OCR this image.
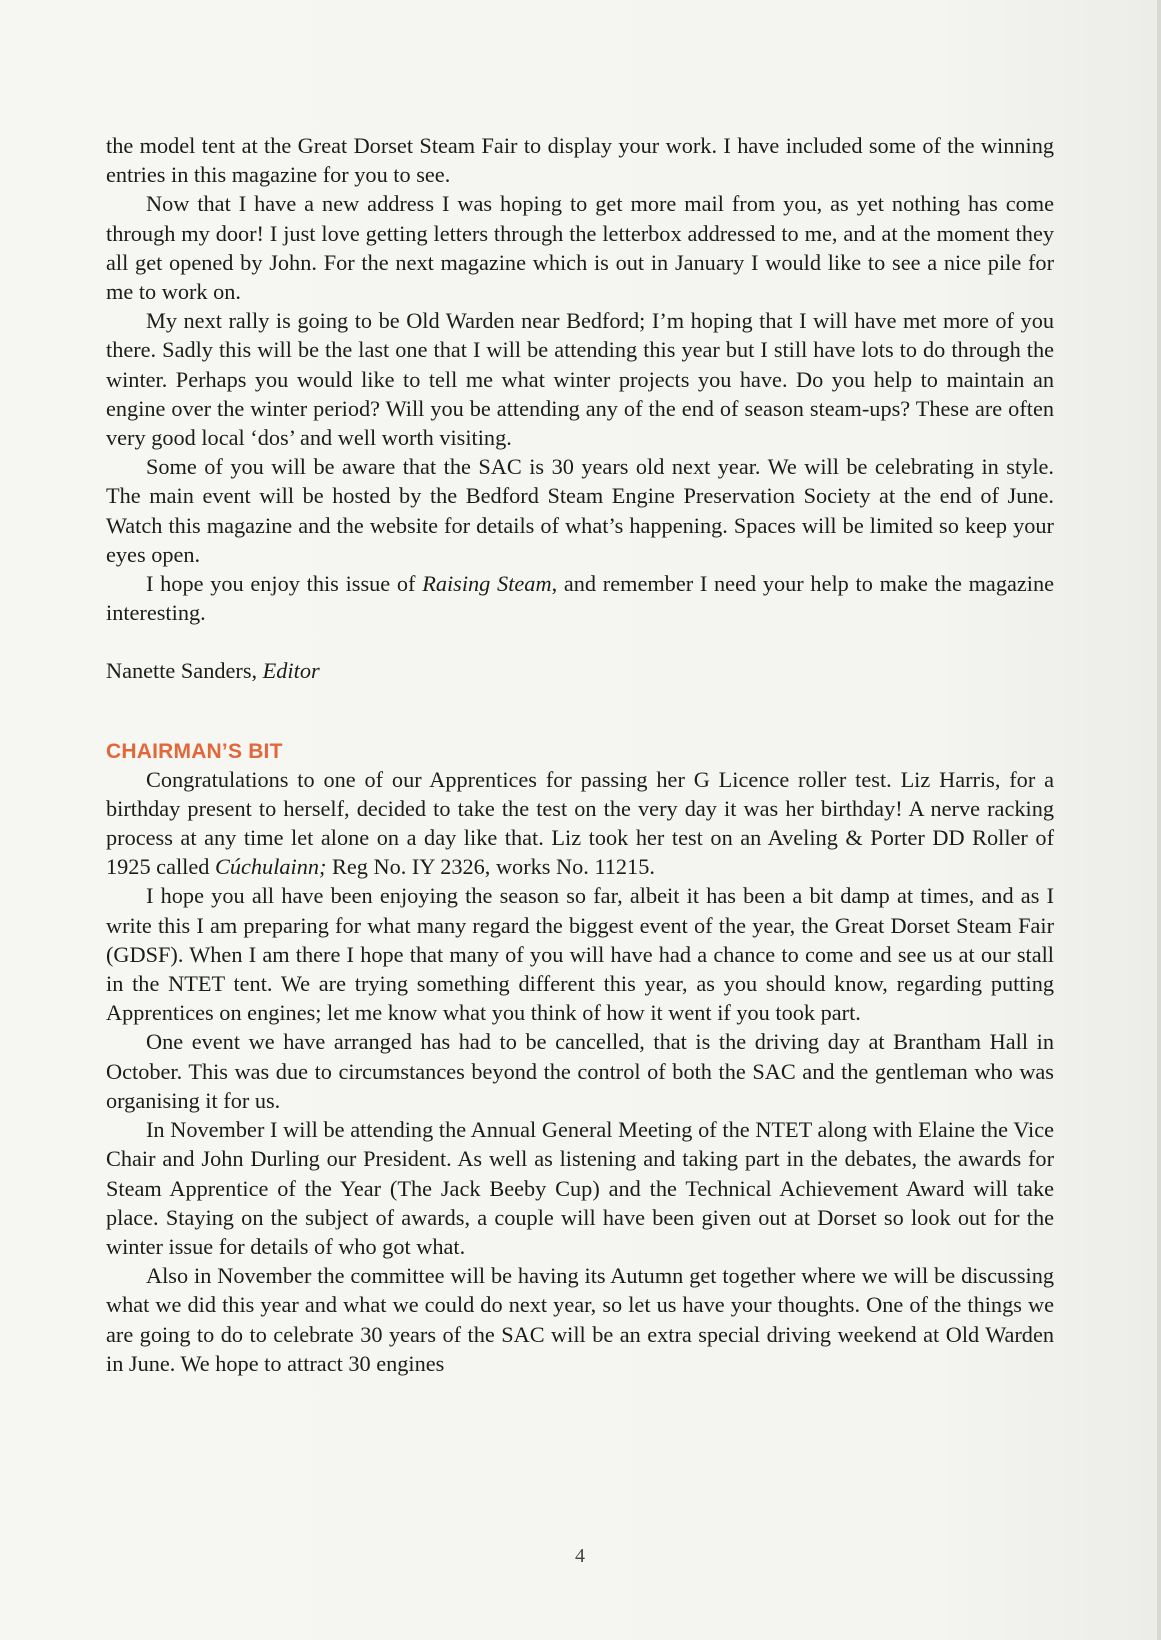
the model tent at the Great Dorset Steam Fair to display your work. I have included some of the winning entries in this magazine for you to see.

Now that I have a new address I was hoping to get more mail from you, as yet nothing has come through my door! I just love getting letters through the letterbox addressed to me, and at the moment they all get opened by John. For the next magazine which is out in January I would like to see a nice pile for me to work on.

My next rally is going to be Old Warden near Bedford; I’m hoping that I will have met more of you there. Sadly this will be the last one that I will be attending this year but I still have lots to do through the winter. Perhaps you would like to tell me what winter projects you have. Do you help to maintain an engine over the winter period? Will you be attending any of the end of season steam-ups? These are often very good local ‘dos’ and well worth visiting.

Some of you will be aware that the SAC is 30 years old next year. We will be celebrating in style. The main event will be hosted by the Bedford Steam Engine Preservation Society at the end of June. Watch this magazine and the website for details of what’s happening. Spaces will be limited so keep your eyes open.

I hope you enjoy this issue of Raising Steam, and remember I need your help to make the magazine interesting.

Nanette Sanders, Editor

CHAIRMAN’S BIT

Congratulations to one of our Apprentices for passing her G Licence roller test. Liz Harris, for a birthday present to herself, decided to take the test on the very day it was her birthday! A nerve racking process at any time let alone on a day like that. Liz took her test on an Aveling & Porter DD Roller of 1925 called Cúchulainn; Reg No. IY 2326, works No. 11215.

I hope you all have been enjoying the season so far, albeit it has been a bit damp at times, and as I write this I am preparing for what many regard the biggest event of the year, the Great Dorset Steam Fair (GDSF). When I am there I hope that many of you will have had a chance to come and see us at our stall in the NTET tent. We are trying something different this year, as you should know, regarding putting Apprentices on engines; let me know what you think of how it went if you took part.

One event we have arranged has had to be cancelled, that is the driving day at Brantham Hall in October. This was due to circumstances beyond the control of both the SAC and the gentleman who was organising it for us.

In November I will be attending the Annual General Meeting of the NTET along with Elaine the Vice Chair and John Durling our President. As well as listening and taking part in the debates, the awards for Steam Apprentice of the Year (The Jack Beeby Cup) and the Technical Achievement Award will take place. Staying on the subject of awards, a couple will have been given out at Dorset so look out for the winter issue for details of who got what.

Also in November the committee will be having its Autumn get together where we will be discussing what we did this year and what we could do next year, so let us have your thoughts. One of the things we are going to do to celebrate 30 years of the SAC will be an extra special driving weekend at Old Warden in June. We hope to attract 30 engines

4
